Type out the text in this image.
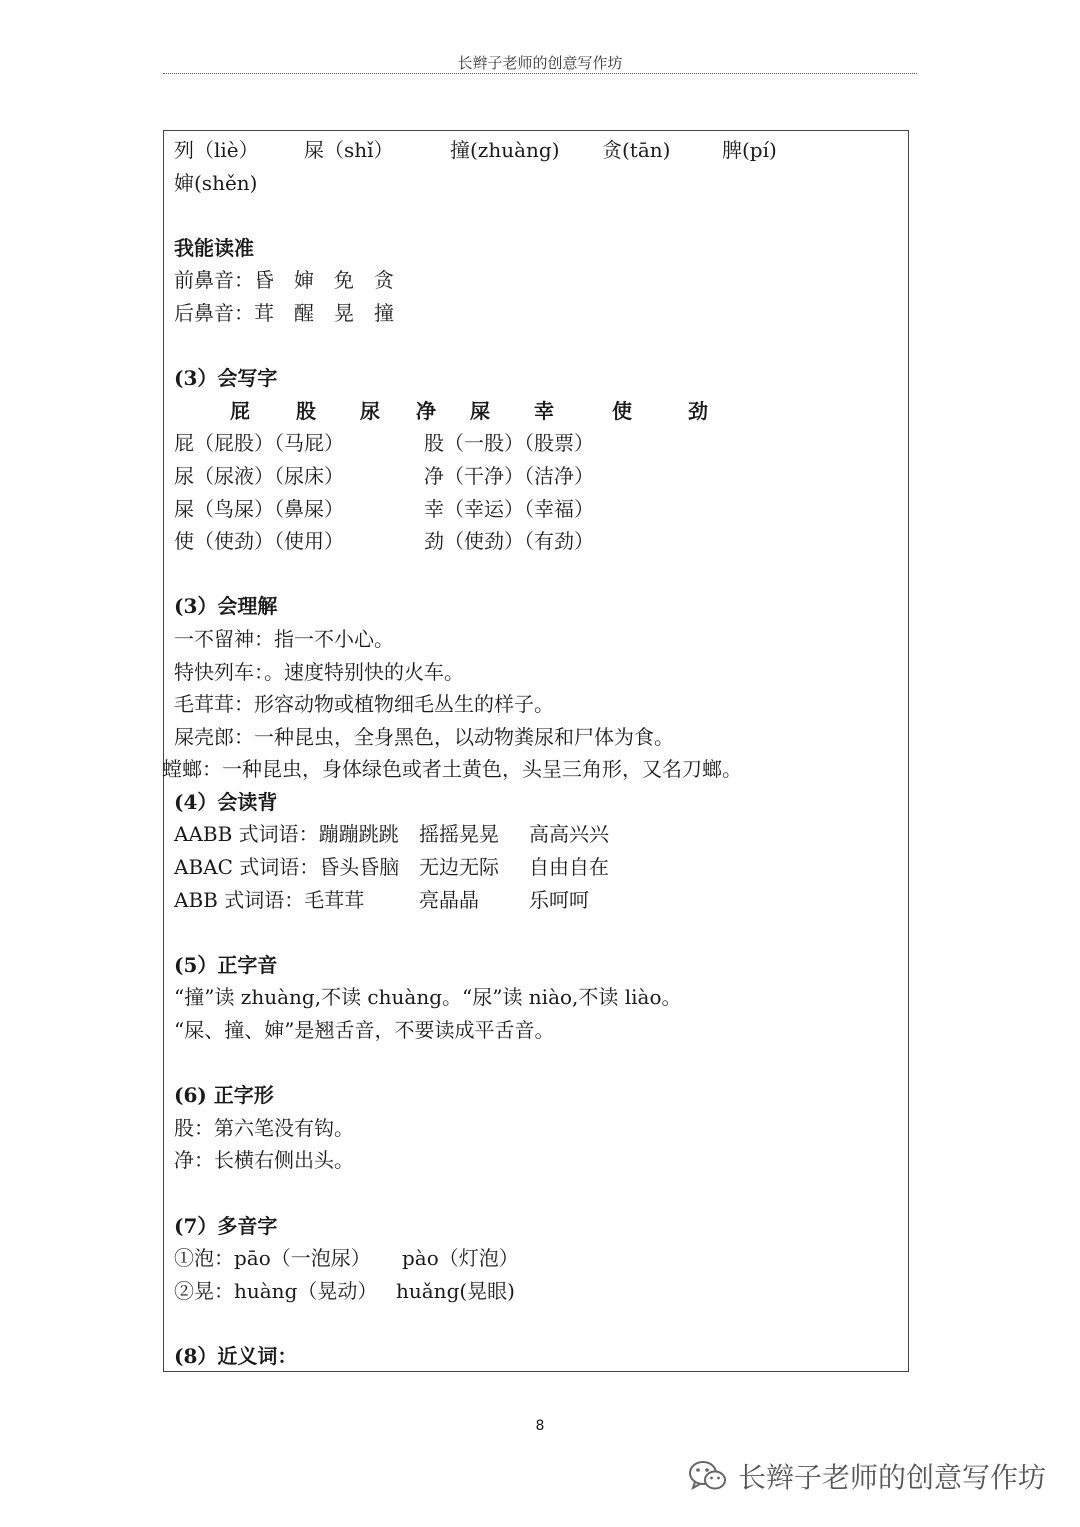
长辫子老师的创意写作坊
列（liè） 屎（shǐ）	撞(zhuàng) 贪(tān)	脾(pí)
婶(shěn)
我能读准
前鼻音：昏　婶　免　贪
后鼻音：茸　醒　晃　撞
(3）会写字
屁 股 尿 净 屎 幸	使	劲
屁（屁股）（马屁）	股（一股）（股票）
尿（尿液）（尿床）	净（干净）（洁净）
屎（鸟屎）（鼻屎）	幸（幸运）（幸福）
使（使劲）（使用）	劲（使劲）（有劲）
(3）会理解
一不留神：指一不小心。
特快列车：。速度特别快的火车。
毛茸茸：形容动物或植物细毛丛生的样子。
屎壳郎：一种昆虫，全身黑色，以动物粪尿和尸体为食。
螳螂：一种昆虫，身体绿色或者土黄色，头呈三角形，又名刀螂。
(4）会读背
AABB 式词语：蹦蹦跳跳 摇摇晃晃 高高兴兴
ABAC 式词语：昏头昏脑 无边无际 自由自在
ABB 式词语：毛茸茸	亮晶晶	乐呵呵
(5）正字音
“撞”读 zhuàng,不读 chuàng。“尿”读 niào,不读 liào。
“屎、撞、婶”是翘舌音，不要读成平舌音。
(6) 正字形
股：第六笔没有钩。
净：长横右侧出头。
(7）多音字
①泡：pāo（一泡尿） pào（灯泡）
②晃：huàng（晃动） huǎng(晃眼)
(8）近义词：
8
长辫子老师的创意写作坊
